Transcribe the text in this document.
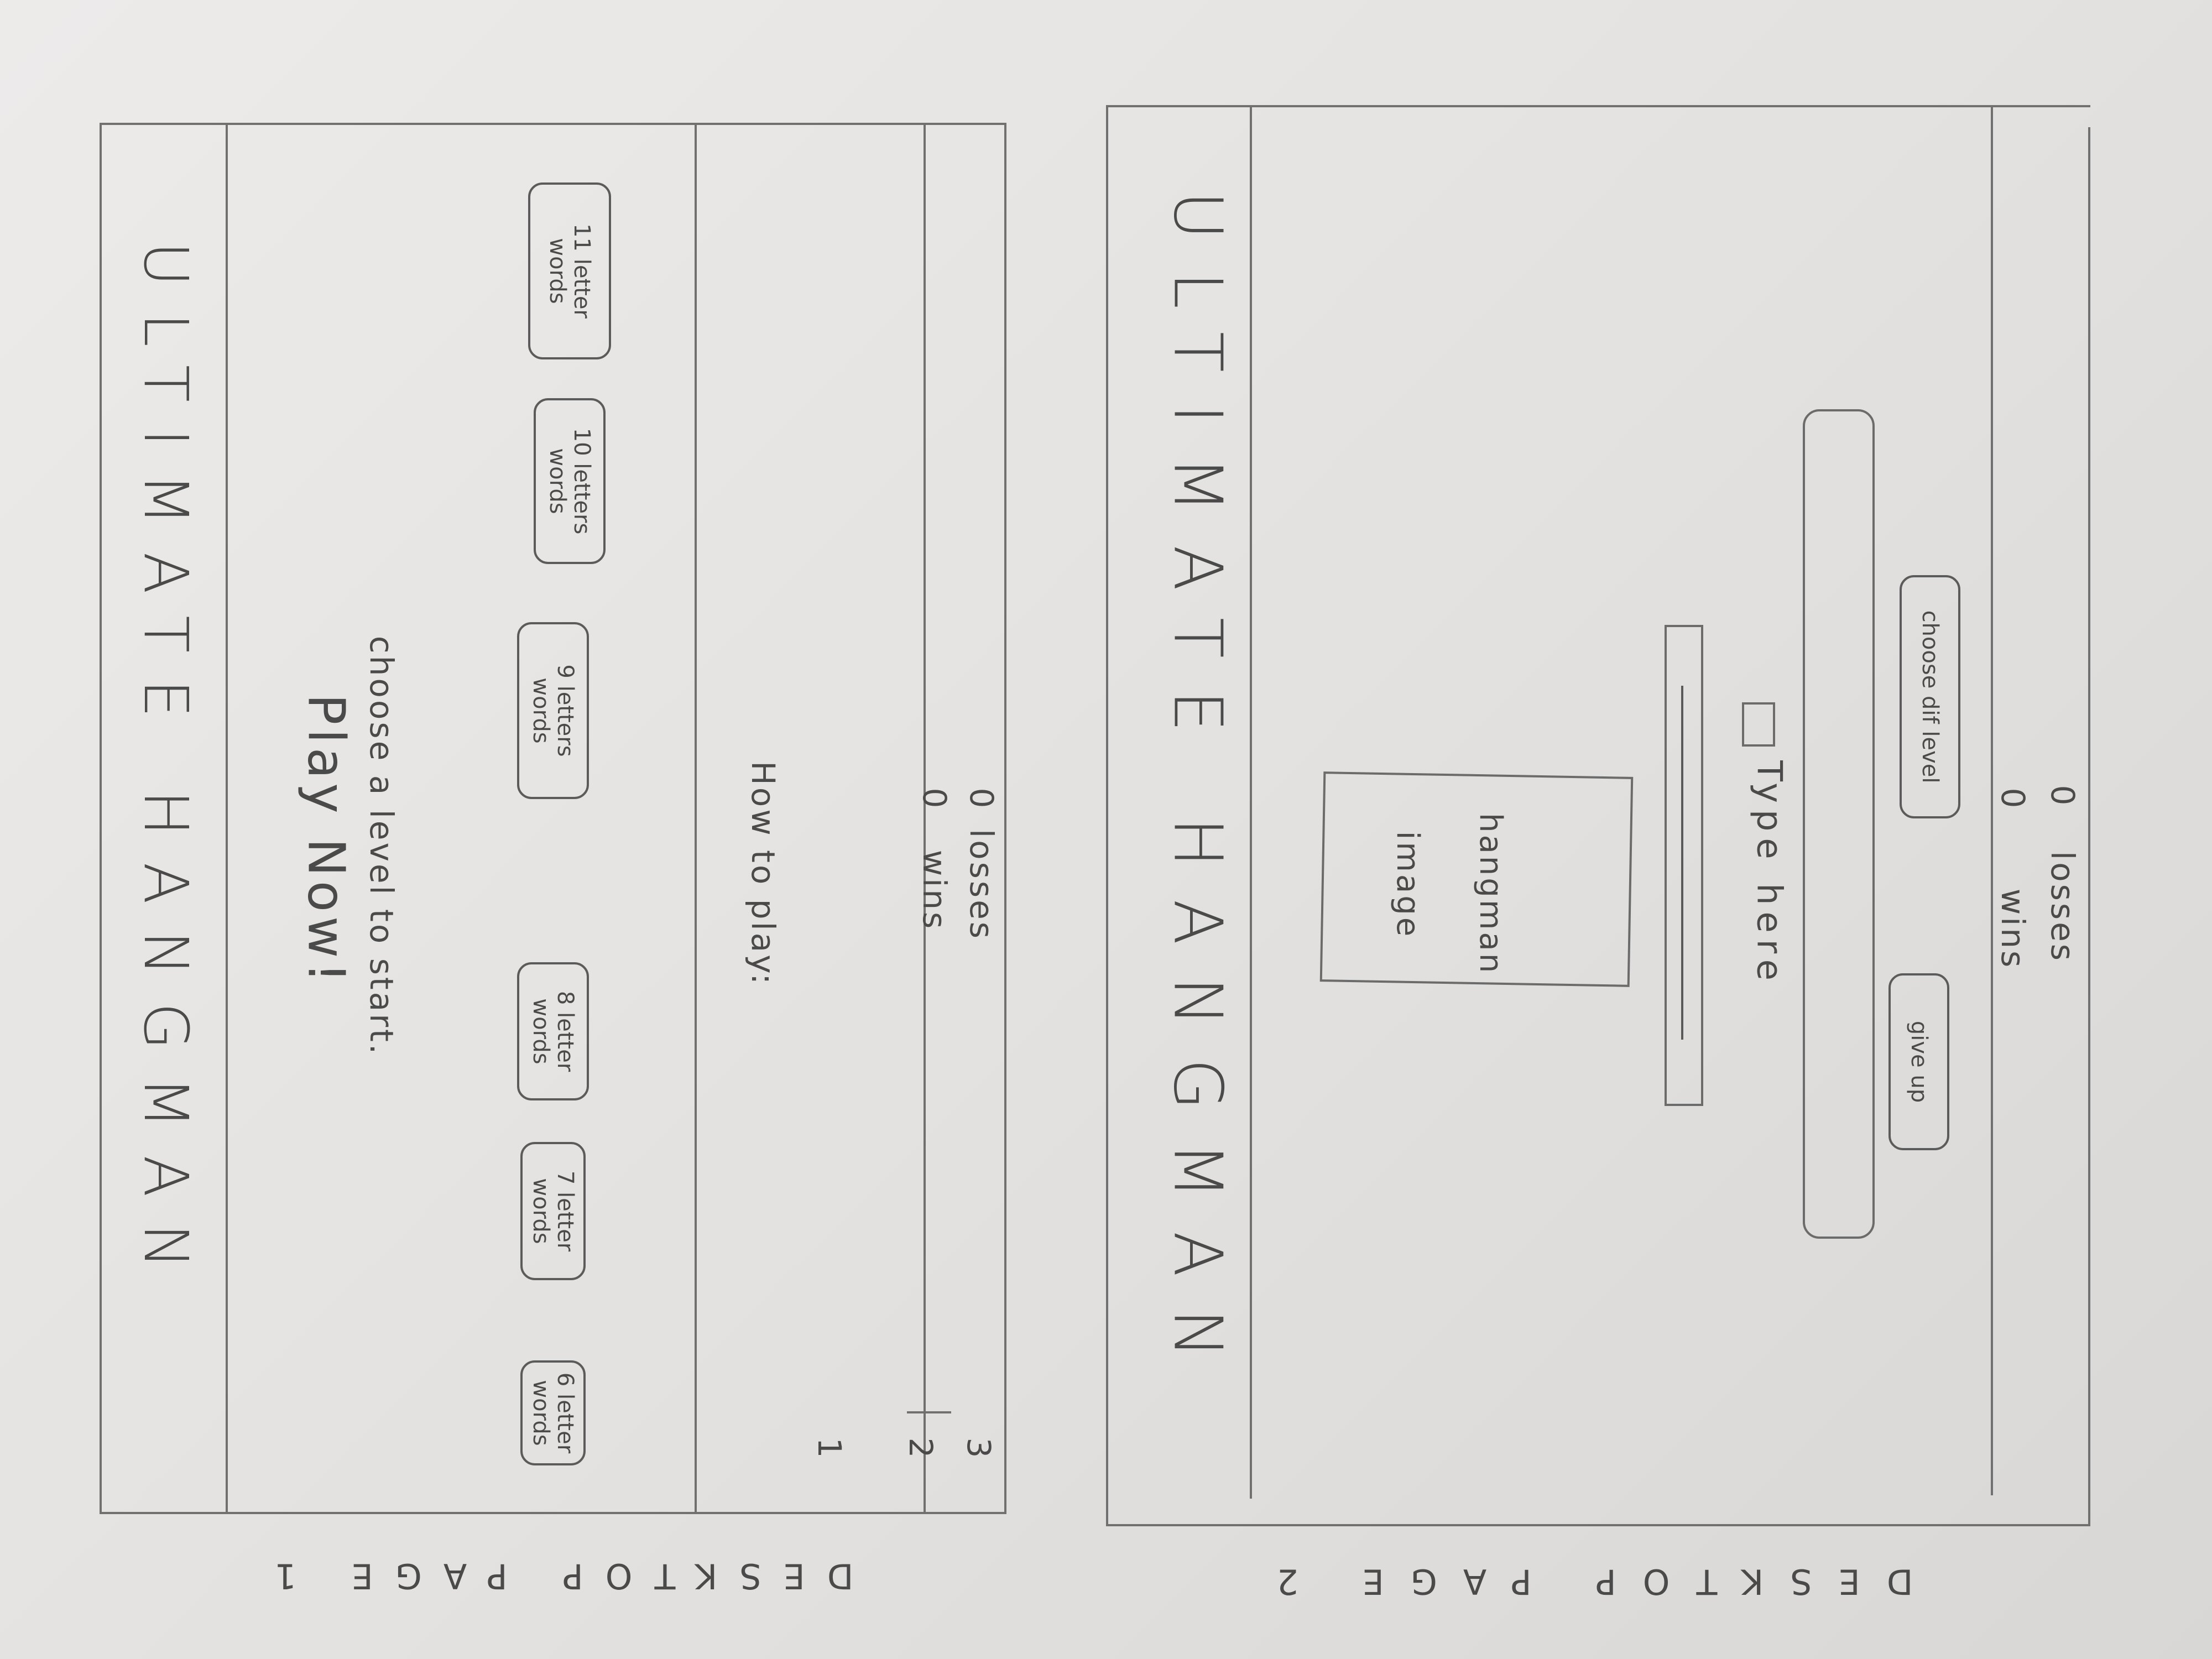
ULTIMATE HANGMAN Play Now! choose a level to start.
6 letter words
7 letter words
8 letter words
9 letters words
10 letters words
11 letter words
How to play:
1 2 3
wins
0
losses
0 ULTIMATE HANGMAN	hangman image	Type here
give up
choose dif level
wins
0
losses
0
DESKTOP PAGE 1	DESKTOP PAGE 2
